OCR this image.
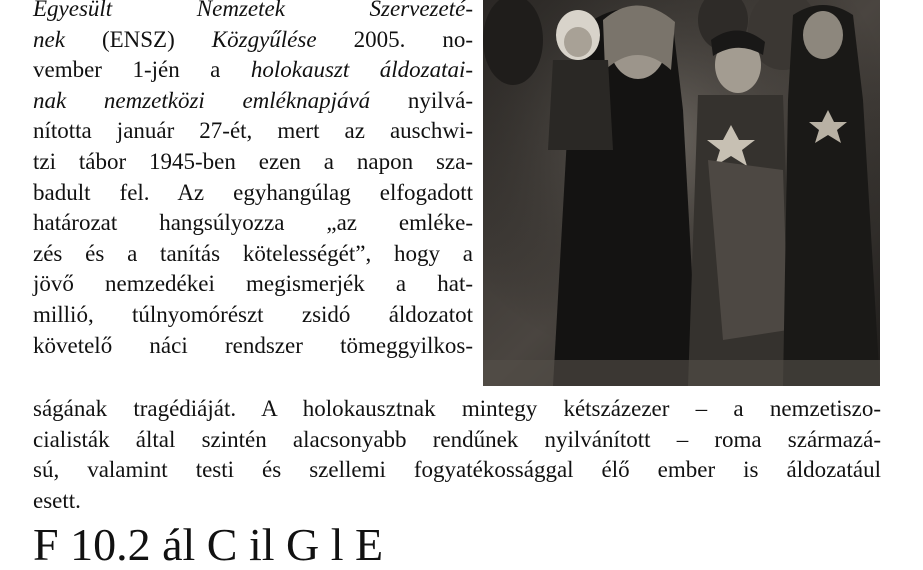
Egyesült	Nemzetek	Szervezeté-
nek (ENSZ) Közgyűlése 2005. no-
vember 1-jén a holokauszt áldozatai-
nak nemzetközi emléknapjává nyilvá-
nította január 27-ét, mert az auschwi-
tzi tábor 1945-ben ezen a napon sza-
badult fel. Az egyhangúlag elfogadott
határozat hangsúlyozza „az emléke-
zés és a tanítás kötelességét”, hogy a
jövő nemzedékei megismerjék a hat-
millió, túlnyomórészt zsidó áldozatot
követelő náci rendszer tömeggyilkos-
ságának tragédiáját. A holokausztnak mintegy kétszázezer – a nemzetiszo-
cialisták által szintén alacsonyabb rendűnek nyilvánított – roma származá-
sú, valamint testi és szellemi fogyatékossággal élő ember is áldozatául
esett.
F 10.2 ál C il G l E
